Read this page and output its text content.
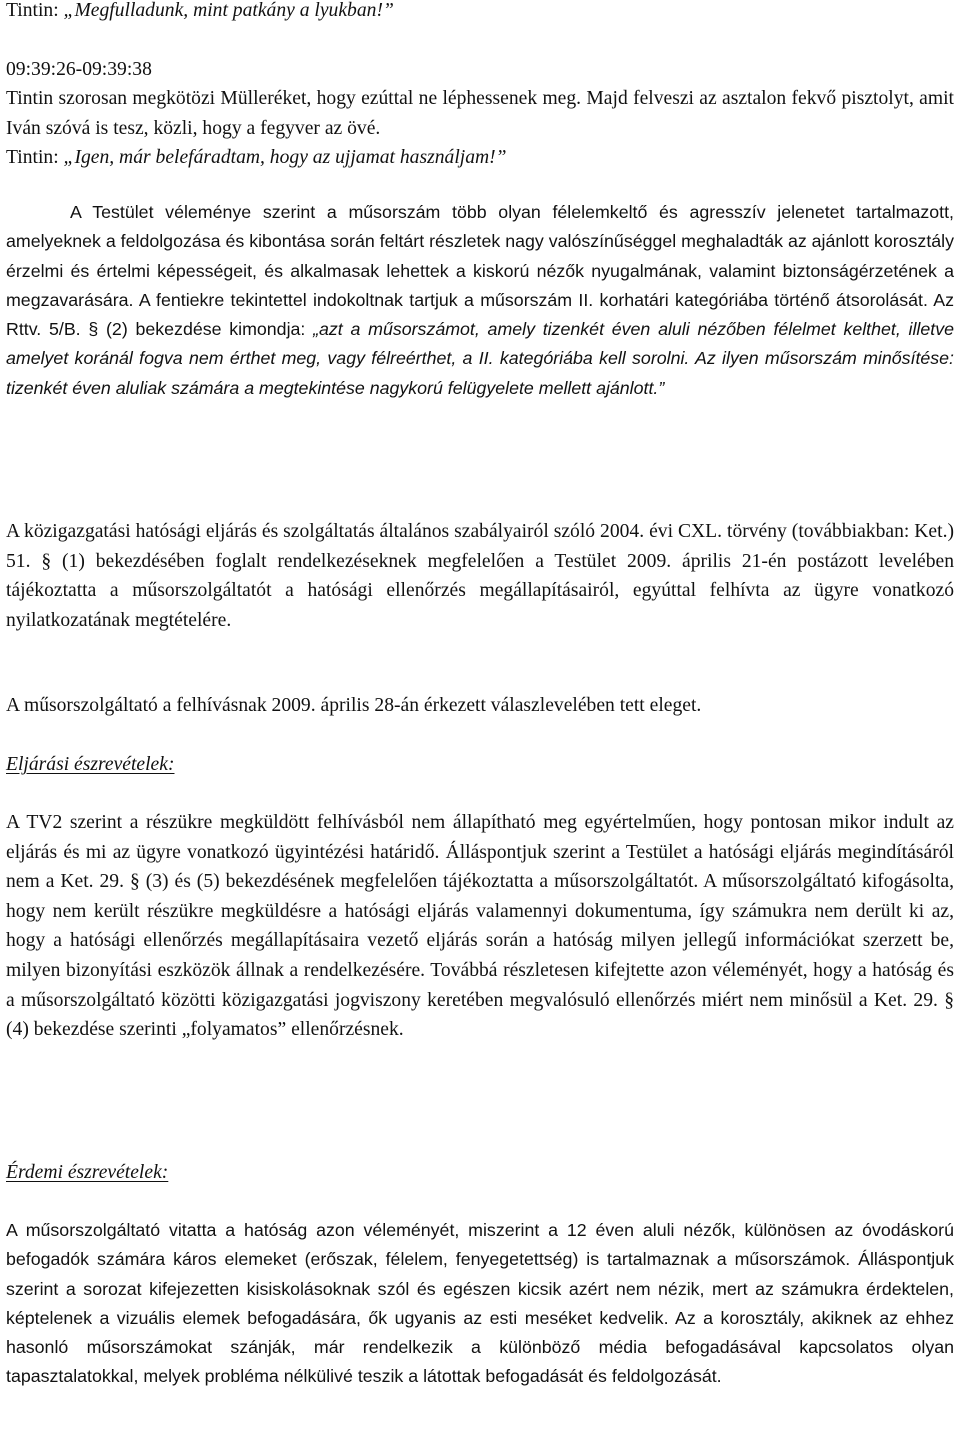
Tintin: „Megfulladunk, mint patkány a lyukban!”

09:39:26-09:39:38

Tintin szorosan megkötözi Mülleréket, hogy ezúttal ne léphessenek meg. Majd felveszi az asztalon fekvő pisztolyt, amit Iván szóvá is tesz, közli, hogy a fegyver az övé.

Tintin: „Igen, már belefáradtam, hogy az ujjamat használjam!”

A Testület véleménye szerint a műsorszám több olyan félelemkeltő és agresszív jelenetet tartalmazott, amelyeknek a feldolgozása és kibontása során feltárt részletek nagy valószínűséggel meghaladták az ajánlott korosztály érzelmi és értelmi képességeit, és alkalmasak lehettek a kiskorú nézők nyugalmának, valamint biztonságérzetének a megzavarására. A fentiekre tekintettel indokoltnak tartjuk a műsorszám II. korhatári kategóriába történő átsorolását. Az Rttv. 5/B. § (2) bekezdése kimondja: „azt a műsorszámot, amely tizenkét éven aluli nézőben félelmet kelthet, illetve amelyet koránál fogva nem érthet meg, vagy félreérthet, a II. kategóriába kell sorolni. Az ilyen műsorszám minősítése: tizenkét éven aluliak számára a megtekintése nagykorú felügyelete mellett ajánlott.”

A közigazgatási hatósági eljárás és szolgáltatás általános szabályairól szóló 2004. évi CXL. törvény (továbbiakban: Ket.) 51. § (1) bekezdésében foglalt rendelkezéseknek megfelelően a Testület 2009. április 21-én postázott levelében tájékoztatta a műsorszolgáltatót a hatósági ellenőrzés megállapításairól, egyúttal felhívta az ügyre vonatkozó nyilatkozatának megtételére.

A műsorszolgáltató a felhívásnak 2009. április 28-án érkezett válaszlevelében tett eleget.

Eljárási észrevételek:

A TV2 szerint a részükre megküldött felhívásból nem állapítható meg egyértelműen, hogy pontosan mikor indult az eljárás és mi az ügyre vonatkozó ügyintézési határidő. Álláspontjuk szerint a Testület a hatósági eljárás megindításáról nem a Ket. 29. § (3) és (5) bekezdésének megfelelően tájékoztatta a műsorszolgáltatót. A műsorszolgáltató kifogásolta, hogy nem került részükre megküldésre a hatósági eljárás valamennyi dokumentuma, így számukra nem derült ki az, hogy a hatósági ellenőrzés megállapításaira vezető eljárás során a hatóság milyen jellegű információkat szerzett be, milyen bizonyítási eszközök állnak a rendelkezésére. Továbbá részletesen kifejtette azon véleményét, hogy a hatóság és a műsorszolgáltató közötti közigazgatási jogviszony keretében megvalósuló ellenőrzés miért nem minősül a Ket. 29. § (4) bekezdése szerinti „folyamatos” ellenőrzésnek.

Érdemi észrevételek:

A műsorszolgáltató vitatta a hatóság azon véleményét, miszerint a 12 éven aluli nézők, különösen az óvodáskorú befogadók számára káros elemeket (erőszak, félelem, fenyegetettség) is tartalmaznak a műsorszámok. Álláspontjuk szerint a sorozat kifejezetten kisiskolásoknak szól és egészen kicsik azért nem nézik, mert az számukra érdektelen, képtelenek a vizuális elemek befogadására, ők ugyanis az esti meséket kedvelik. Az a korosztály, akiknek az ehhez hasonló műsorszámokat szánják, már rendelkezik a különböző média befogadásával kapcsolatos olyan tapasztalatokkal, melyek probléma nélkülivé teszik a látottak befogadását és feldolgozását.
